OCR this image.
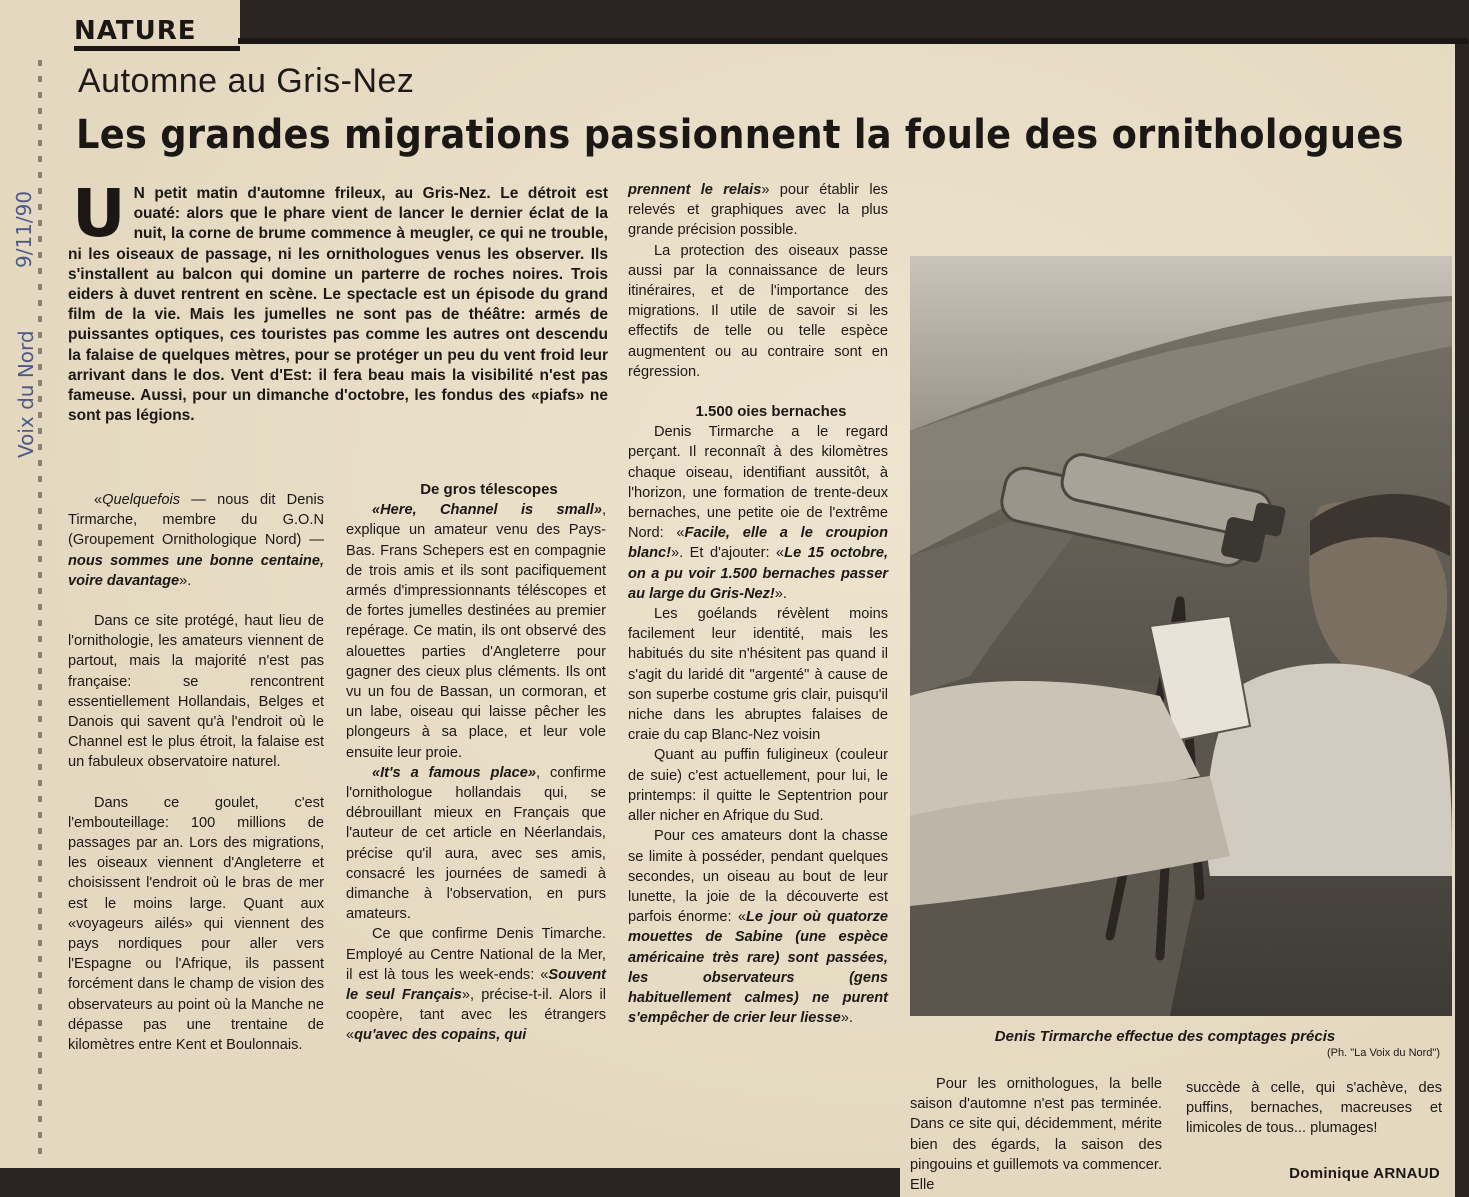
9/11/90
Voix du Nord
NATURE
Automne au Gris-Nez
Les grandes migrations passionnent la foule des ornithologues
U N petit matin d'automne frileux, au Gris-Nez. Le détroit est ouaté: alors que le phare vient de lancer le dernier éclat de la nuit, la corne de brume commence à meugler, ce qui ne trouble, ni les oiseaux de passage, ni les ornithologues venus les observer. Ils s'installent au balcon qui domine un parterre de roches noires. Trois eiders à duvet rentrent en scène. Le spectacle est un épisode du grand film de la vie. Mais les jumelles ne sont pas de théâtre: armés de puissantes optiques, ces touristes pas comme les autres ont descendu la falaise de quelques mètres, pour se protéger un peu du vent froid leur arrivant dans le dos. Vent d'Est: il fera beau mais la visibilité n'est pas fameuse. Aussi, pour un dimanche d'octobre, les fondus des «piafs» ne sont pas légions.

«Quelquefois — nous dit Denis Tirmarche, membre du G.O.N (Groupement Ornithologique Nord) — nous sommes une bonne centaine, voire davantage».

Dans ce site protégé, haut lieu de l'ornithologie, les amateurs viennent de partout, mais la majorité n'est pas française: se rencontrent essentiellement Hollandais, Belges et Danois qui savent qu'à l'endroit où le Channel est le plus étroit, la falaise est un fabuleux observatoire naturel.

Dans ce goulet, c'est l'embouteillage: 100 millions de passages par an. Lors des migrations, les oiseaux viennent d'Angleterre et choisissent l'endroit où le bras de mer est le moins large. Quant aux «voyageurs ailés» qui viennent des pays nordiques pour aller vers l'Espagne ou l'Afrique, ils passent forcément dans le champ de vision des observateurs au point où la Manche ne dépasse pas une trentaine de kilomètres entre Kent et Boulonnais.

De gros télescopes

«Here, Channel is small», explique un amateur venu des Pays-Bas. Frans Schepers est en compagnie de trois amis et ils sont pacifiquement armés d'impressionnants téléscopes et de fortes jumelles destinées au premier repérage. Ce matin, ils ont observé des alouettes parties d'Angleterre pour gagner des cieux plus cléments. Ils ont vu un fou de Bassan, un cormoran, et un labe, oiseau qui laisse pêcher les plongeurs à sa place, et leur vole ensuite leur proie.

«It's a famous place», confirme l'ornithologue hollandais qui, se débrouillant mieux en Français que l'auteur de cet article en Néerlandais, précise qu'il aura, avec ses amis, consacré les journées de samedi à dimanche à l'observation, en purs amateurs.

Ce que confirme Denis Timarche. Employé au Centre National de la Mer, il est là tous les week-ends: «Souvent le seul Français», précise-t-il. Alors il coopère, tant avec les étrangers «qu'avec des copains, qui

prennent le relais» pour établir les relevés et graphiques avec la plus grande précision possible.

La protection des oiseaux passe aussi par la connaissance de leurs itinéraires, et de l'importance des migrations. Il utile de savoir si les effectifs de telle ou telle espèce augmentent ou au contraire sont en régression.

1.500 oies bernaches

Denis Tirmarche a le regard perçant. Il reconnaît à des kilomètres chaque oiseau, identifiant aussitôt, à l'horizon, une formation de trente-deux bernaches, une petite oie de l'extrême Nord: «Facile, elle a le croupion blanc!». Et d'ajouter: «Le 15 octobre, on a pu voir 1.500 bernaches passer au large du Gris-Nez!».

Les goélands révèlent moins facilement leur identité, mais les habitués du site n'hésitent pas quand il s'agit du laridé dit "argenté" à cause de son superbe costume gris clair, puisqu'il niche dans les abruptes falaises de craie du cap Blanc-Nez voisin

Quant au puffin fuligineux (couleur de suie) c'est actuellement, pour lui, le printemps: il quitte le Septentrion pour aller nicher en Afrique du Sud.

Pour ces amateurs dont la chasse se limite à posséder, pendant quelques secondes, un oiseau au bout de leur lunette, la joie de la découverte est parfois énorme: «Le jour où quatorze mouettes de Sabine (une espèce américaine très rare) sont passées, les observateurs (gens habituellement calmes) ne purent s'empêcher de crier leur liesse».

Denis Tirmarche effectue des comptages précis
(Ph. "La Voix du Nord")

Pour les ornithologues, la belle saison d'automne n'est pas terminée. Dans ce site qui, décidemment, mérite bien des égards, la saison des pingouins et guillemots va commencer. Elle

succède à celle, qui s'achève, des puffins, bernaches, macreuses et limicoles de tous... plumages!

Dominique ARNAUD
